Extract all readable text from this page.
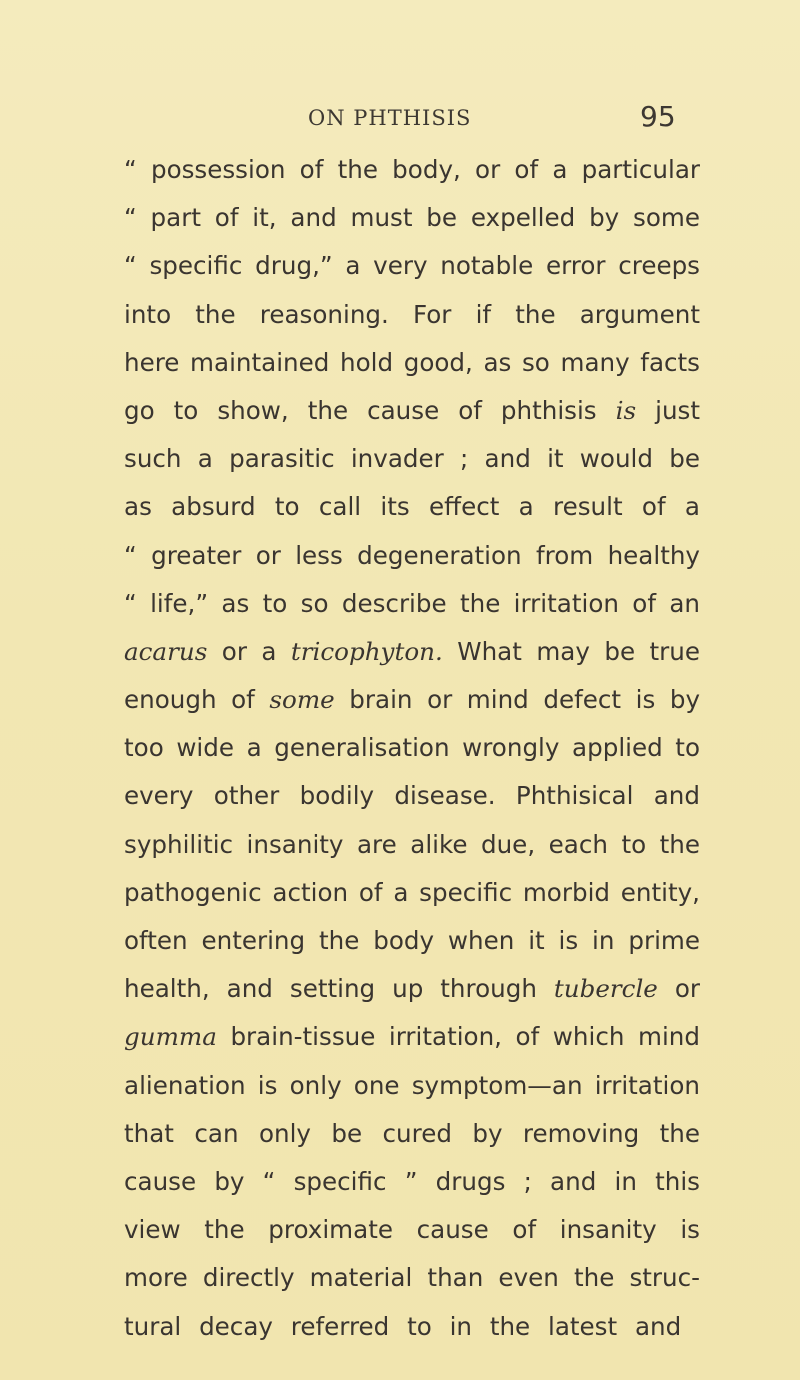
ON PHTHISIS	95
“ possession of the body, or of a particular
“ part of it, and must be expelled by some
“ specific drug,” a very notable error creeps
into the reasoning. For if the argument
here maintained hold good, as so many facts
go to show, the cause of phthisis is just
such a parasitic invader ; and it would be
as absurd to call its effect a result of a
“ greater or less degeneration from healthy
“ life,” as to so describe the irritation of an
acarus or a tricophyton. What may be true
enough of some brain or mind defect is by
too wide a generalisation wrongly applied to
every other bodily disease. Phthisical and
syphilitic insanity are alike due, each to the
pathogenic action of a specific morbid entity,
often entering the body when it is in prime
health, and setting up through tubercle or
gumma brain-tissue irritation, of which mind
alienation is only one symptom—an irritation
that can only be cured by removing the
cause by “ specific ” drugs ; and in this
view the proximate cause of insanity is
more directly material than even the struc-
tural decay referred to in the latest and
